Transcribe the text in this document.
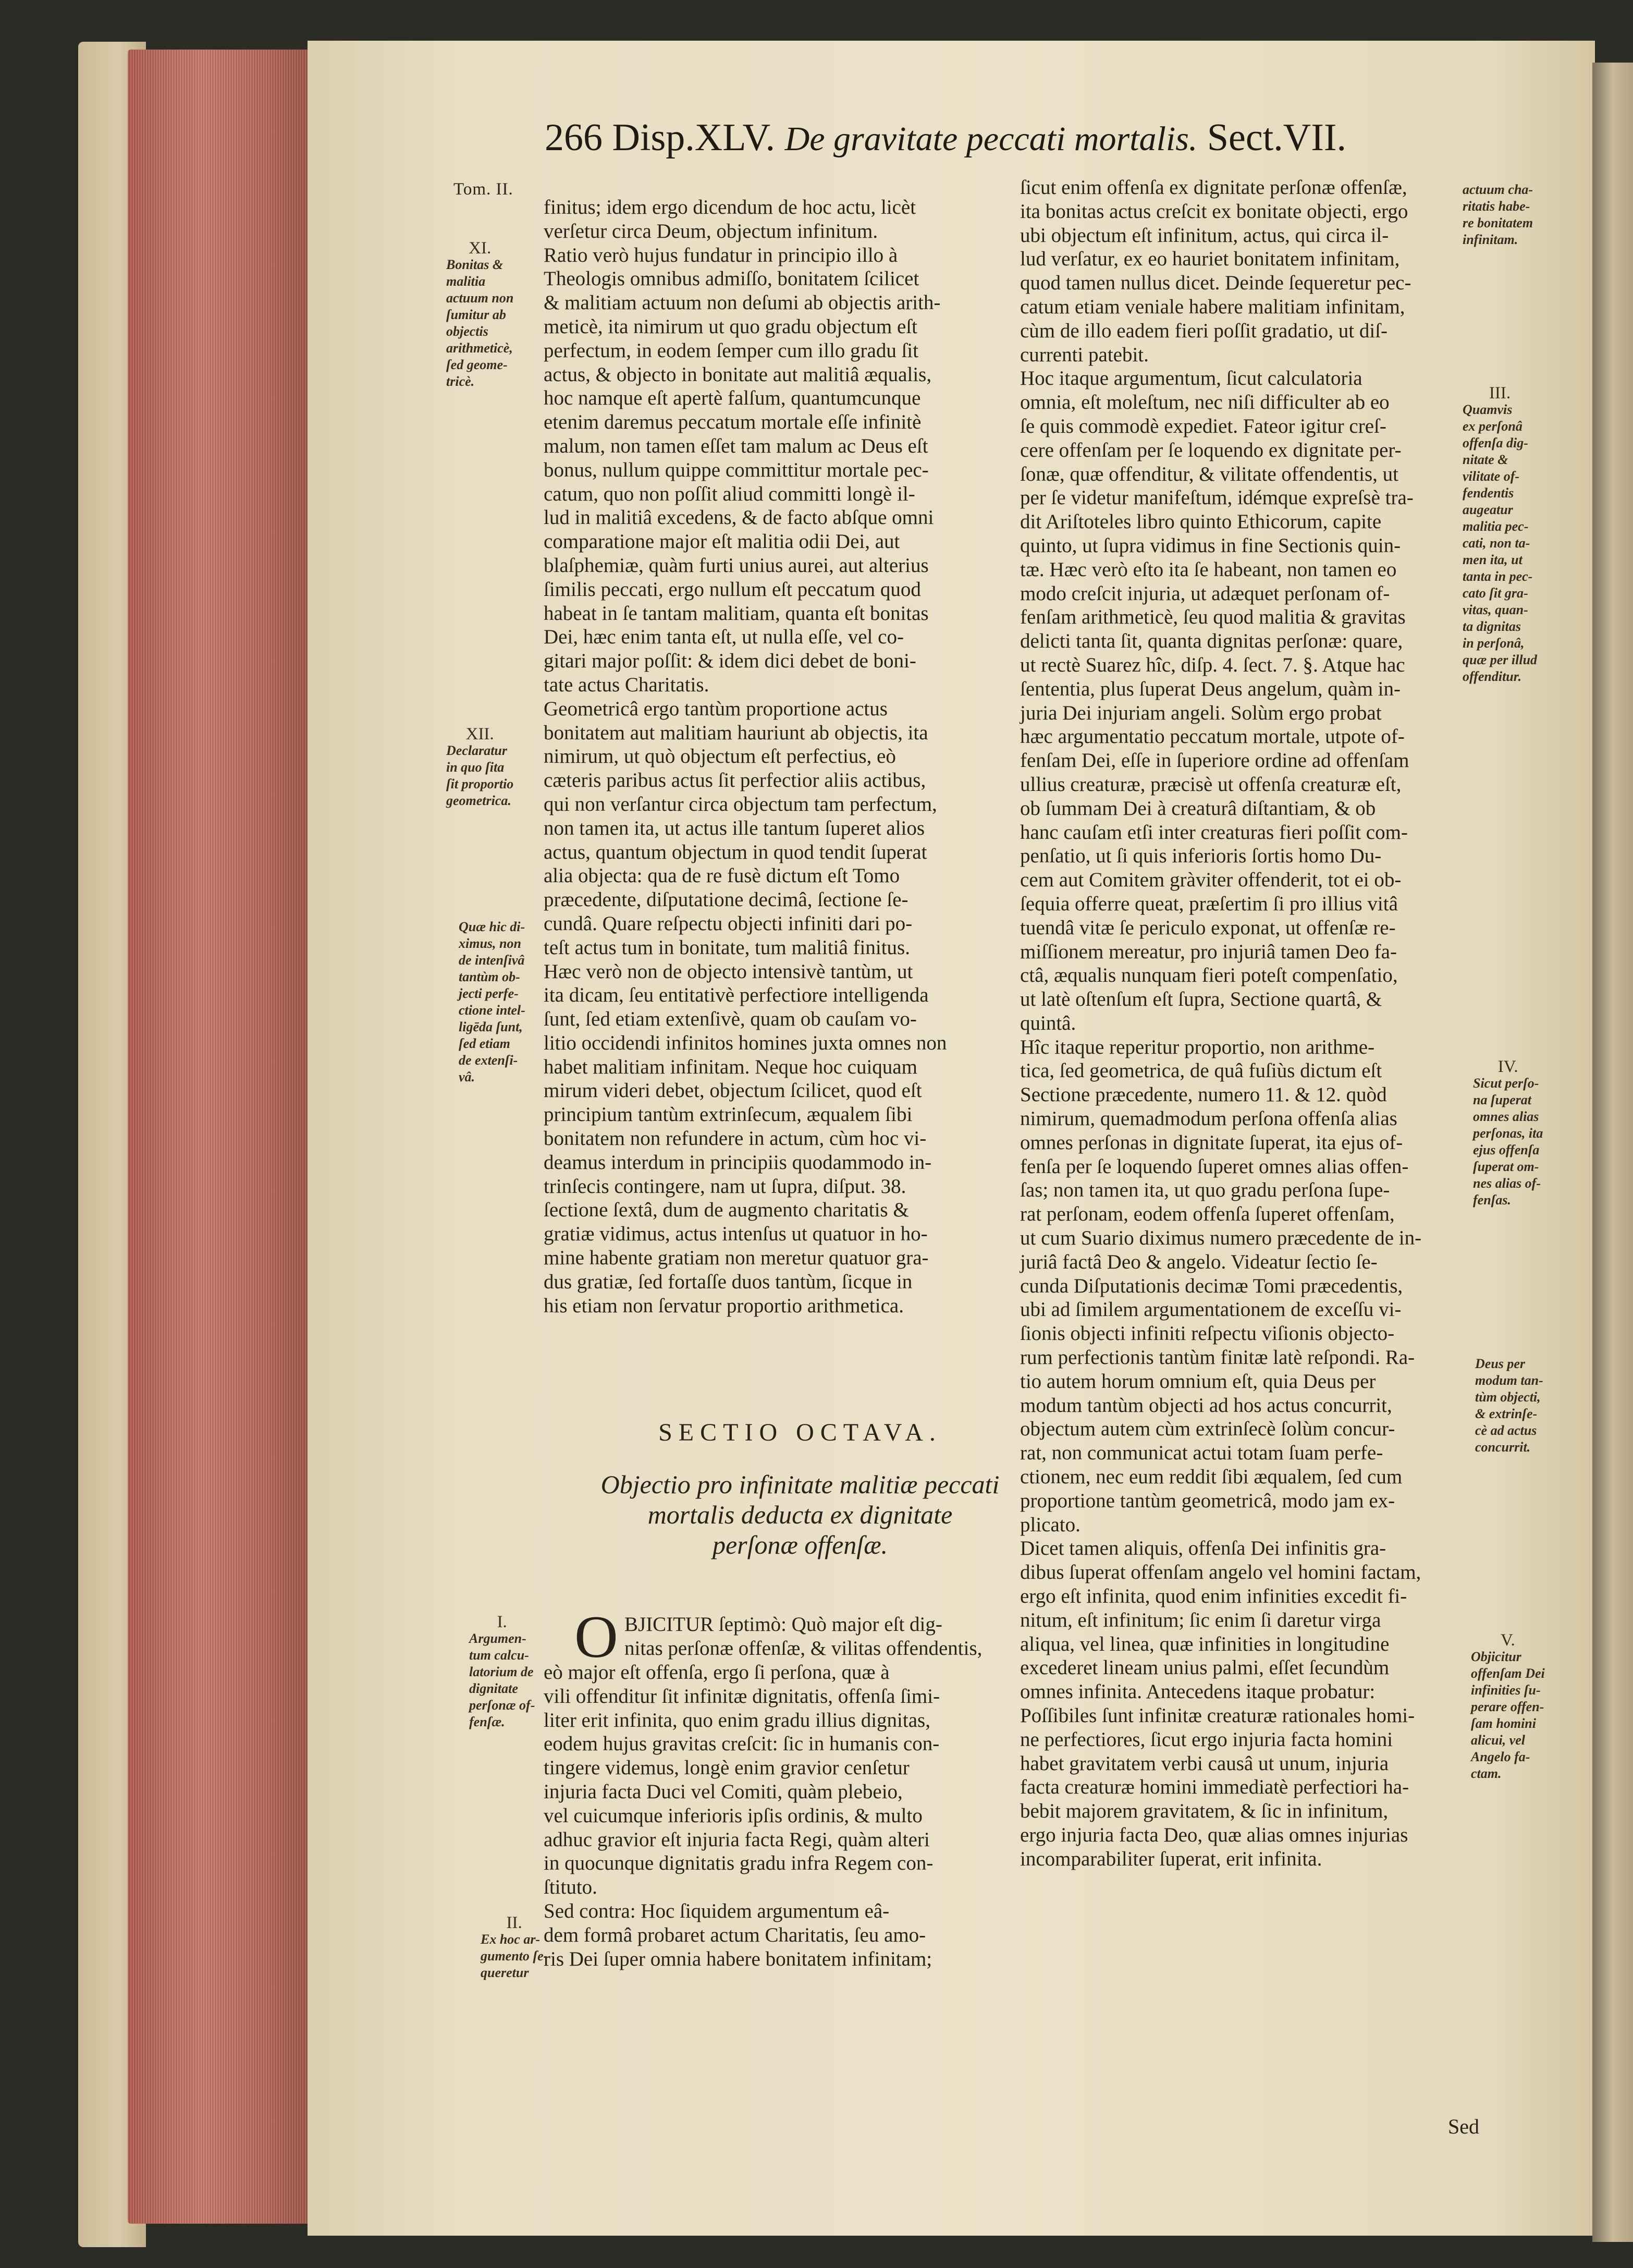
266 Disp.XLV. De gravitate peccati mortalis. Sect.VII.
Tom. II.
finitus; idem ergo dicendum de hoc actu, licèt
verſetur circa Deum, objectum infinitum.
Ratio verò hujus fundatur in principio illo à
Theologis omnibus admiſſo, bonitatem ſcilicet
& malitiam actuum non deſumi ab objectis arith-
meticè, ita nimirum ut quo gradu objectum eſt
perfectum, in eodem ſemper cum illo gradu ſit
actus, & objecto in bonitate aut malitiâ æqualis,
hoc namque eſt apertè falſum, quantumcunque
etenim daremus peccatum mortale eſſe infinitè
malum, non tamen eſſet tam malum ac Deus eſt
bonus, nullum quippe committitur mortale pec-
catum, quo non poſſit aliud committi longè il-
lud in malitiâ excedens, & de facto abſque omni
comparatione major eſt malitia odii Dei, aut
blaſphemiæ, quàm furti unius aurei, aut alterius
ſimilis peccati, ergo nullum eſt peccatum quod
habeat in ſe tantam malitiam, quanta eſt bonitas
Dei, hæc enim tanta eſt, ut nulla eſſe, vel co-
gitari major poſſit: & idem dici debet de boni-
tate actus Charitatis.
Geometricâ ergo tantùm proportione actus
bonitatem aut malitiam hauriunt ab objectis, ita
nimirum, ut quò objectum eſt perfectius, eò
cæteris paribus actus ſit perfectior aliis actibus,
qui non verſantur circa objectum tam perfectum,
non tamen ita, ut actus ille tantum ſuperet alios
actus, quantum objectum in quod tendit ſuperat
alia objecta: qua de re fusè dictum eſt Tomo
præcedente, diſputatione decimâ, ſectione ſe-
cundâ. Quare reſpectu objecti infiniti dari po-
teſt actus tum in bonitate, tum malitiâ finitus.
Hæc verò non de objecto intensivè tantùm, ut
ita dicam, ſeu entitativè perfectiore intelligenda
ſunt, ſed etiam extenſivè, quam ob cauſam vo-
litio occidendi infinitos homines juxta omnes non
habet malitiam infinitam. Neque hoc cuiquam
mirum videri debet, objectum ſcilicet, quod eſt
principium tantùm extrinſecum, æqualem ſibi
bonitatem non refundere in actum, cùm hoc vi-
deamus interdum in principiis quodammodo in-
trinſecis contingere, nam ut ſupra, diſput. 38.
ſectione ſextâ, dum de augmento charitatis &
gratiæ vidimus, actus intenſus ut quatuor in ho-
mine habente gratiam non meretur quatuor gra-
dus gratiæ, ſed fortaſſe duos tantùm, ſicque in
his etiam non ſervatur proportio arithmetica.
SECTIO OCTAVA.
Objectio pro infinitate malitiæ peccati
mortalis deducta ex dignitate
perſonæ offenſæ.
O BJICITUR ſeptimò: Quò major eſt dig-
nitas perſonæ offenſæ, & vilitas offendentis,
eò major eſt offenſa, ergo ſi perſona, quæ à
vili offenditur ſit infinitæ dignitatis, offenſa ſimi-
liter erit infinita, quo enim gradu illius dignitas,
eodem hujus gravitas creſcit: ſic in humanis con-
tingere videmus, longè enim gravior cenſetur
injuria facta Duci vel Comiti, quàm plebeio,
vel cuicumque inferioris ipſis ordinis, & multo
adhuc gravior eſt injuria facta Regi, quàm alteri
in quocunque dignitatis gradu infra Regem con-
ſtituto.
Sed contra: Hoc ſiquidem argumentum eâ-
dem formâ probaret actum Charitatis, ſeu amo-
ris Dei ſuper omnia habere bonitatem infinitam;
ſicut enim offenſa ex dignitate perſonæ offenſæ,
ita bonitas actus creſcit ex bonitate objecti, ergo
ubi objectum eſt infinitum, actus, qui circa il-
lud verſatur, ex eo hauriet bonitatem infinitam,
quod tamen nullus dicet. Deinde ſequeretur pec-
catum etiam veniale habere malitiam infinitam,
cùm de illo eadem fieri poſſit gradatio, ut diſ-
currenti patebit.
Hoc itaque argumentum, ſicut calculatoria
omnia, eſt moleſtum, nec niſi difficulter ab eo
ſe quis commodè expediet. Fateor igitur creſ-
cere offenſam per ſe loquendo ex dignitate per-
ſonæ, quæ offenditur, & vilitate offendentis, ut
per ſe videtur manifeſtum, idémque expreſsè tra-
dit Ariſtoteles libro quinto Ethicorum, capite
quinto, ut ſupra vidimus in fine Sectionis quin-
tæ. Hæc verò eſto ita ſe habeant, non tamen eo
modo creſcit injuria, ut adæquet perſonam of-
fenſam arithmeticè, ſeu quod malitia & gravitas
delicti tanta ſit, quanta dignitas perſonæ: quare,
ut rectè Suarez hîc, diſp. 4. ſect. 7. §. Atque hac
ſententia, plus ſuperat Deus angelum, quàm in-
juria Dei injuriam angeli. Solùm ergo probat
hæc argumentatio peccatum mortale, utpote of-
fenſam Dei, eſſe in ſuperiore ordine ad offenſam
ullius creaturæ, præcisè ut offenſa creaturæ eſt,
ob ſummam Dei à creaturâ diſtantiam, & ob
hanc cauſam etſi inter creaturas fieri poſſit com-
penſatio, ut ſi quis inferioris ſortis homo Du-
cem aut Comitem gràviter offenderit, tot ei ob-
ſequia offerre queat, præſertim ſi pro illius vitâ
tuendâ vitæ ſe periculo exponat, ut offenſæ re-
miſſionem mereatur, pro injuriâ tamen Deo fa-
ctâ, æqualis nunquam fieri poteſt compenſatio,
ut latè oſtenſum eſt ſupra, Sectione quartâ, &
quintâ.
Hîc itaque reperitur proportio, non arithme-
tica, ſed geometrica, de quâ fuſiùs dictum eſt
Sectione præcedente, numero 11. & 12. quòd
nimirum, quemadmodum perſona offenſa alias
omnes perſonas in dignitate ſuperat, ita ejus of-
fenſa per ſe loquendo ſuperet omnes alias offen-
ſas; non tamen ita, ut quo gradu perſona ſupe-
rat perſonam, eodem offenſa ſuperet offenſam,
ut cum Suario diximus numero præcedente de in-
juriâ factâ Deo & angelo. Videatur ſectio ſe-
cunda Diſputationis decimæ Tomi præcedentis,
ubi ad ſimilem argumentationem de exceſſu vi-
ſionis objecti infiniti reſpectu viſionis objecto-
rum perfectionis tantùm finitæ latè reſpondi. Ra-
tio autem horum omnium eſt, quia Deus per
modum tantùm objecti ad hos actus concurrit,
objectum autem cùm extrinſecè ſolùm concur-
rat, non communicat actui totam ſuam perfe-
ctionem, nec eum reddit ſibi æqualem, ſed cum
proportione tantùm geometricâ, modo jam ex-
plicato.
Dicet tamen aliquis, offenſa Dei infinitis gra-
dibus ſuperat offenſam angelo vel homini factam,
ergo eſt infinita, quod enim infinities excedit fi-
nitum, eſt infinitum; ſic enim ſi daretur virga
aliqua, vel linea, quæ infinities in longitudine
excederet lineam unius palmi, eſſet ſecundùm
omnes infinita. Antecedens itaque probatur:
Poſſibiles ſunt infinitæ creaturæ rationales homi-
ne perfectiores, ſicut ergo injuria facta homini
habet gravitatem verbi causâ ut unum, injuria
facta creaturæ homini immediatè perfectiori ha-
bebit majorem gravitatem, & ſic in infinitum,
ergo injuria facta Deo, quæ alias omnes injurias
incomparabiliter ſuperat, erit infinita.
Sed
XI.
Bonitas &
malitia
actuum non
ſumitur ab
objectis
arithmeticè,
ſed geome-
tricè.
XII.
Declaratur
in quo ſita
ſit proportio
geometrica.
Quæ hic di-
ximus, non
de intenſivâ
tantùm ob-
jecti perfe-
ctione intel-
ligēda ſunt,
ſed etiam
de extenſi-
vâ.
I.
Argumen-
tum calcu-
latorium de
dignitate
perſonæ of-
fenſæ.
II.
Ex hoc ar-
gumento ſe-
queretur
actuum cha-
ritatis habe-
re bonitatem
infinitam.
III.
Quamvis
ex perſonâ
offenſa dig-
nitate &
vilitate of-
fendentis
augeatur
malitia pec-
cati, non ta-
men ita, ut
tanta in pec-
cato ſit gra-
vitas, quan-
ta dignitas
in perſonâ,
quæ per illud
offenditur.
IV.
Sicut perſo-
na ſuperat
omnes alias
perſonas, ita
ejus offenſa
ſuperat om-
nes alias of-
fenſas.
Deus per
modum tan-
tùm objecti,
& extrinſe-
cè ad actus
concurrit.
V.
Objicitur
offenſam Dei
infinities ſu-
perare offen-
ſam homini
alicui, vel
Angelo fa-
ctam.
